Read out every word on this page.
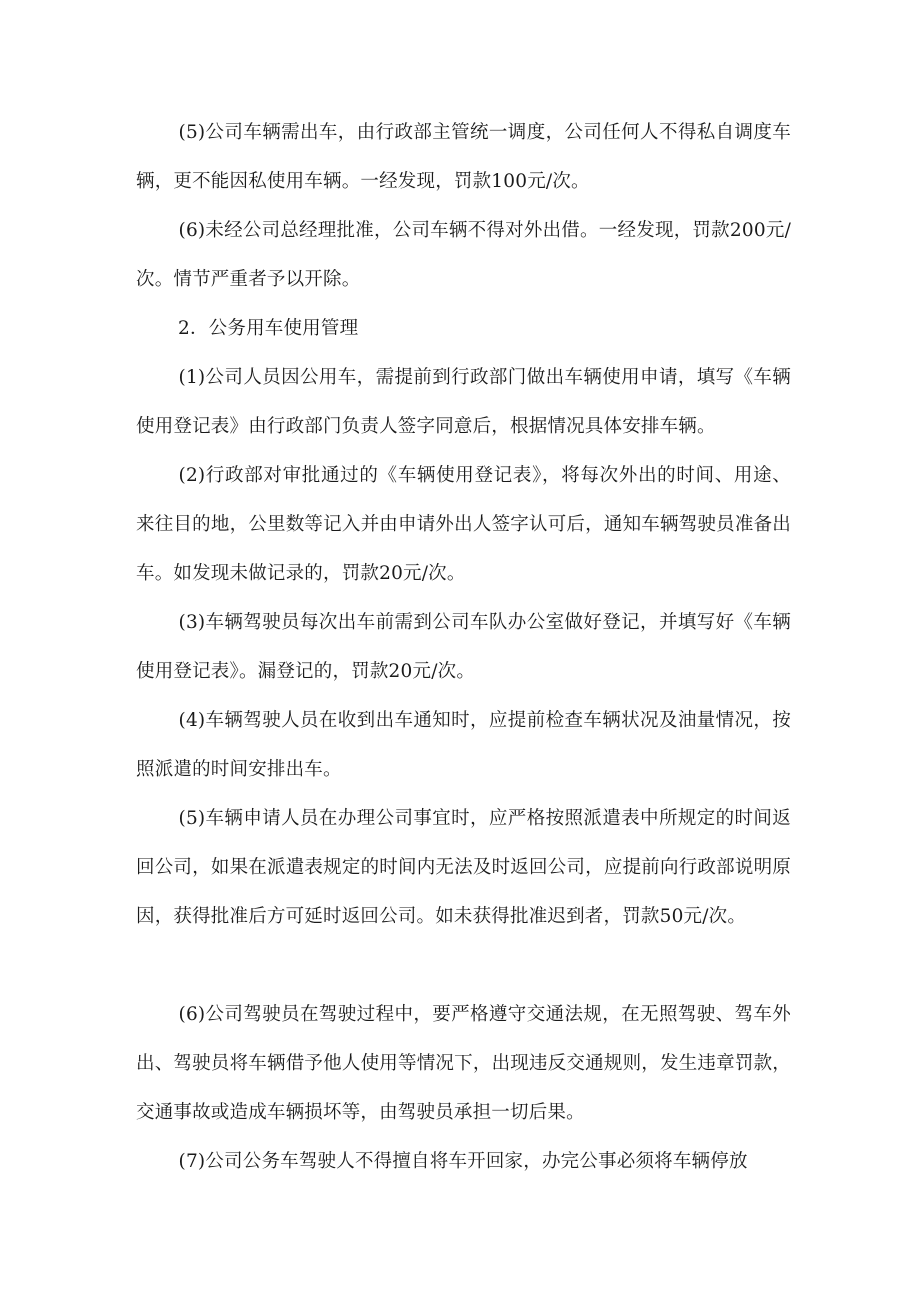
(5)公司车辆需出车，由行政部主管统一调度，公司任何人不得私自调度车辆，更不能因私使用车辆。一经发现，罚款100元/次。

(6)未经公司总经理批准，公司车辆不得对外出借。一经发现，罚款200元/次。情节严重者予以开除。

2．公务用车使用管理

(1)公司人员因公用车，需提前到行政部门做出车辆使用申请，填写《车辆使用登记表》由行政部门负责人签字同意后，根据情况具体安排车辆。

(2)行政部对审批通过的《车辆使用登记表》，将每次外出的时间、用途、来往目的地，公里数等记入并由申请外出人签字认可后，通知车辆驾驶员准备出车。如发现未做记录的，罚款20元/次。

(3)车辆驾驶员每次出车前需到公司车队办公室做好登记，并填写好《车辆使用登记表》。漏登记的，罚款20元/次。

(4)车辆驾驶人员在收到出车通知时，应提前检查车辆状况及油量情况，按照派遣的时间安排出车。

(5)车辆申请人员在办理公司事宜时，应严格按照派遣表中所规定的时间返回公司，如果在派遣表规定的时间内无法及时返回公司，应提前向行政部说明原因，获得批准后方可延时返回公司。如未获得批准迟到者，罚款50元/次。

(6)公司驾驶员在驾驶过程中，要严格遵守交通法规，在无照驾驶、驾车外出、驾驶员将车辆借予他人使用等情况下，出现违反交通规则，发生违章罚款，交通事故或造成车辆损坏等，由驾驶员承担一切后果。

(7)公司公务车驾驶人不得擅自将车开回家，办完公事必须将车辆停放
